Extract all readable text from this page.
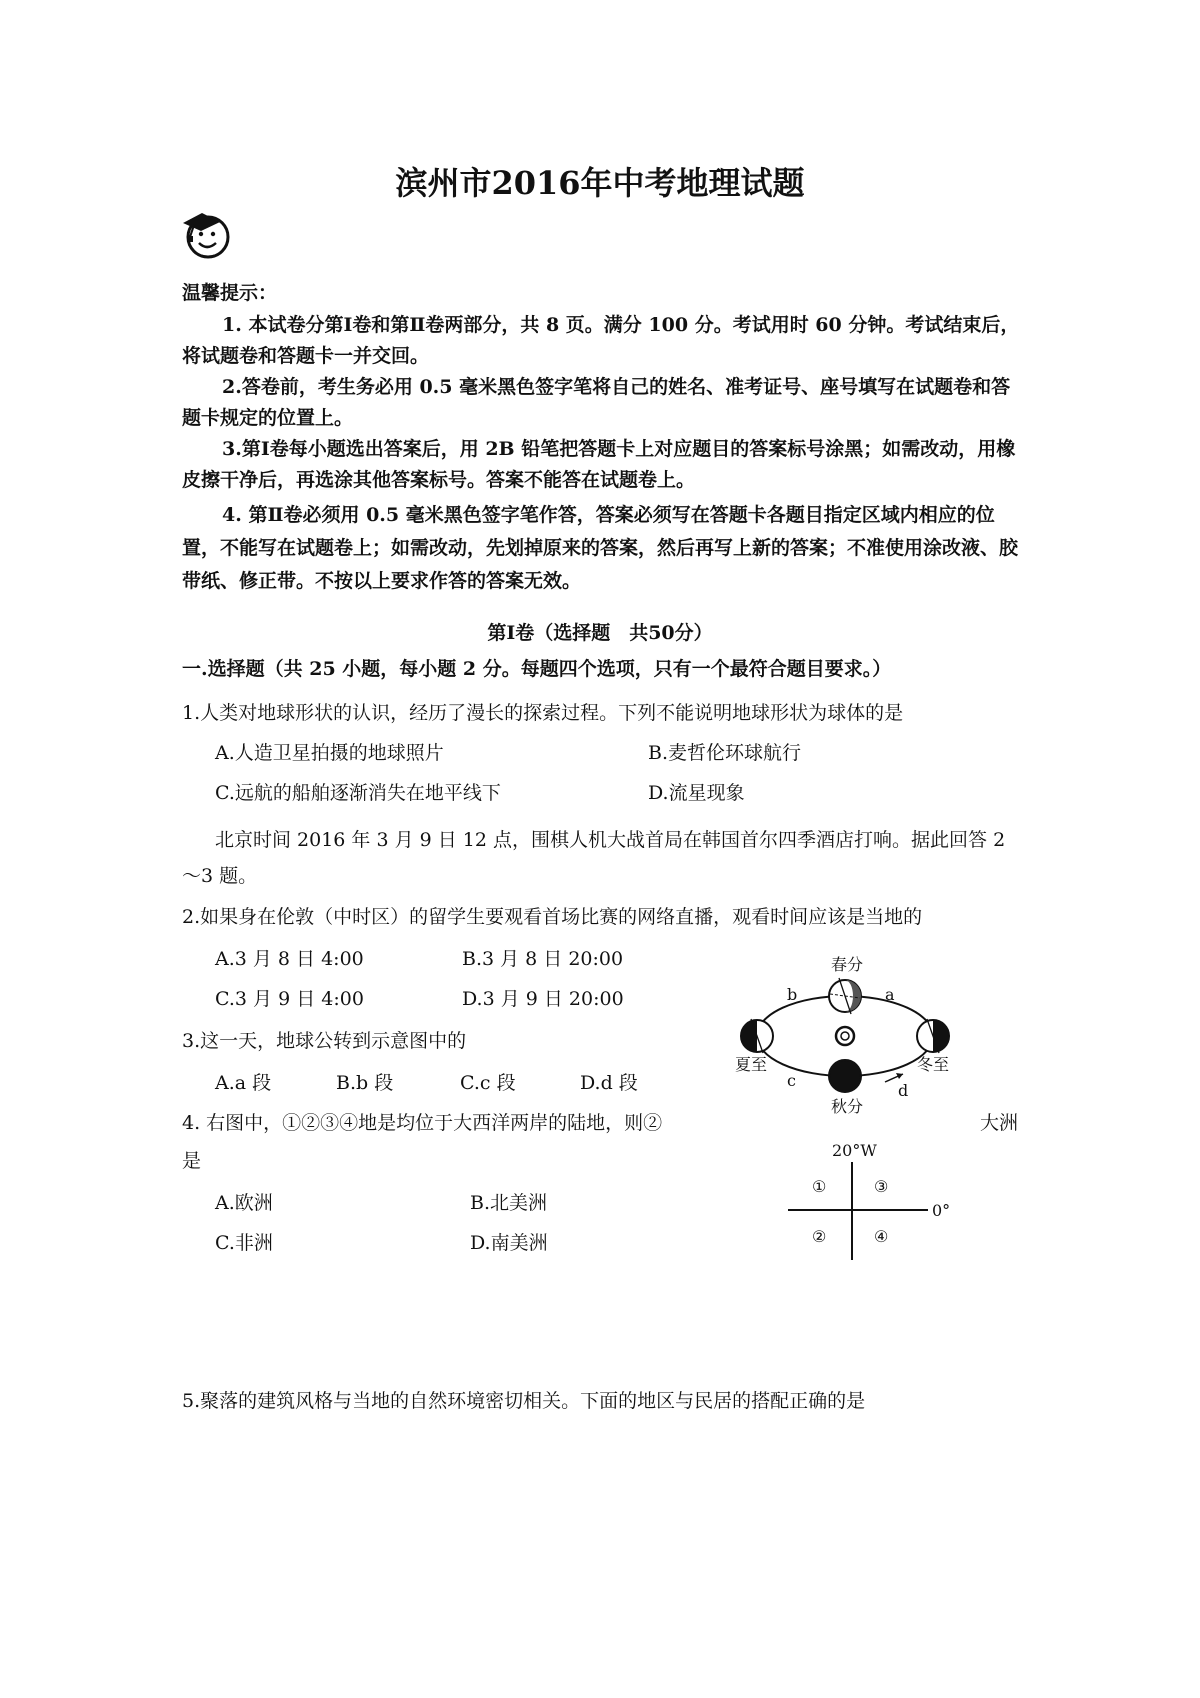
滨州市2016年中考地理试题
温馨提示：
1. 本试卷分第Ⅰ卷和第Ⅱ卷两部分，共 8 页。满分 100 分。考试用时 60 分钟。考试结束后，将试题卷和答题卡一并交回。
2.答卷前，考生务必用 0.5 毫米黑色签字笔将自己的姓名、准考证号、座号填写在试题卷和答题卡规定的位置上。
3.第Ⅰ卷每小题选出答案后，用 2B 铅笔把答题卡上对应题目的答案标号涂黑；如需改动，用橡皮擦干净后，再选涂其他答案标号。答案不能答在试题卷上。
4. 第Ⅱ卷必须用 0.5 毫米黑色签字笔作答，答案必须写在答题卡各题目指定区域内相应的位置，不能写在试题卷上；如需改动，先划掉原来的答案，然后再写上新的答案；不准使用涂改液、胶带纸、修正带。不按以上要求作答的答案无效。
第Ⅰ卷（选择题　共50分）
一.选择题（共 25 小题，每小题 2 分。每题四个选项，只有一个最符合题目要求。）
1.人类对地球形状的认识，经历了漫长的探索过程。下列不能说明地球形状为球体的是
A.人造卫星拍摄的地球照片	B.麦哲伦环球航行
C.远航的船舶逐渐消失在地平线下	D.流星现象
北京时间 2016 年 3 月 9 日 12 点，围棋人机大战首局在韩国首尔四季酒店打响。据此回答 2～3 题。
2.如果身在伦敦（中时区）的留学生要观看首场比赛的网络直播，观看时间应该是当地的
A.3 月 8 日 4:00	B.3 月 8 日 20:00
C.3 月 9 日 4:00	D.3 月 9 日 20:00
3.这一天，地球公转到示意图中的
A.a 段	B.b 段	C.c 段	D.d 段
4. 右图中，①②③④地是均位于大西洋两岸的陆地，则②	大洲
是
A.欧洲	B.北美洲
C.非洲	D.南美洲
5.聚落的建筑风格与当地的自然环境密切相关。下面的地区与民居的搭配正确的是
春分
夏至	冬至
秋分
a
b
c
d
20°W
0°
①	③
②	④
